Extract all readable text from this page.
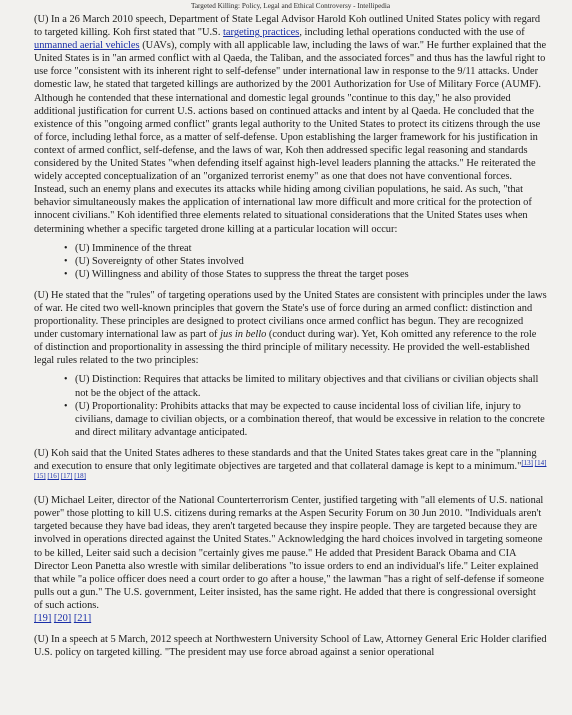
Targeted Killing: Policy, Legal and Ethical Controversy - Intellipedia

(U) In a 26 March 2010 speech, Department of State Legal Advisor Harold Koh outlined United States policy with regard to targeted killing. Koh first stated that "U.S. targeting practices, including lethal operations conducted with the use of unmanned aerial vehicles (UAVs), comply with all applicable law, including the laws of war." He further explained that the United States is in "an armed conflict with al Qaeda, the Taliban, and the associated forces" and thus has the lawful right to use force "consistent with its inherent right to self-defense" under international law in response to the 9/11 attacks. Under domestic law, he stated that targeted killings are authorized by the 2001 Authorization for Use of Military Force (AUMF). Although he contended that these international and domestic legal grounds "continue to this day," he also provided additional justification for current U.S. actions based on continued attacks and intent by al Qaeda. He concluded that the existence of this "ongoing armed conflict" grants legal authority to the United States to protect its citizens through the use of force, including lethal force, as a matter of self-defense. Upon establishing the larger framework for his justification in context of armed conflict, self-defense, and the laws of war, Koh then addressed specific legal reasoning and standards considered by the United States "when defending itself against high-level leaders planning the attacks." He reiterated the widely accepted conceptualization of an "organized terrorist enemy" as one that does not have conventional forces. Instead, such an enemy plans and executes its attacks while hiding among civilian populations, he said. As such, "that behavior simultaneously makes the application of international law more difficult and more critical for the protection of innocent civilians." Koh identified three elements related to situational considerations that the United States uses when determining whether a specific targeted drone killing at a particular location will occur:

• (U) Imminence of the threat
• (U) Sovereignty of other States involved
• (U) Willingness and ability of those States to suppress the threat the target poses

(U) He stated that the "rules" of targeting operations used by the United States are consistent with principles under the laws of war. He cited two well-known principles that govern the State's use of force during an armed conflict: distinction and proportionality. These principles are designed to protect civilians once armed conflict has begun. They are recognized under customary international law as part of jus in bello (conduct during war). Yet, Koh omitted any reference to the role of distinction and proportionality in assessing the third principle of military necessity. He provided the well-established legal rules related to the two principles:

• (U) Distinction: Requires that attacks be limited to military objectives and that civilians or civilian objects shall not be the object of the attack.
• (U) Proportionality: Prohibits attacks that may be expected to cause incidental loss of civilian life, injury to civilians, damage to civilian objects, or a combination thereof, that would be excessive in relation to the concrete and direct military advantage anticipated.

(U) Koh said that the United States adheres to these standards and that the United States takes great care in the "planning and execution to ensure that only legitimate objectives are targeted and that collateral damage is kept to a minimum."[13] [14] [15] [16] [17] [18]

(U) Michael Leiter, director of the National Counterterrorism Center, justified targeting with "all elements of U.S. national power" those plotting to kill U.S. citizens during remarks at the Aspen Security Forum on 30 Jun 2010. "Individuals aren't targeted because they have bad ideas, they aren't targeted because they inspire people. They are targeted because they are involved in operations directed against the United States." Acknowledging the hard choices involved in targeting someone to be killed, Leiter said such a decision "certainly gives me pause." He added that President Barack Obama and CIA Director Leon Panetta also wrestle with similar deliberations "to issue orders to end an individual's life." Leiter explained that while "a police officer does need a court order to go after a house," the lawman "has a right of self-defense if someone pulls out a gun." The U.S. government, Leiter insisted, has the same right. He added that there is congressional oversight of such actions.
[19] [20] [21]

(U) In a speech at 5 March, 2012 speech at Northwestern University School of Law, Attorney General Eric Holder clarified U.S. policy on targeted killing. "The president may use force abroad against a senior operational
